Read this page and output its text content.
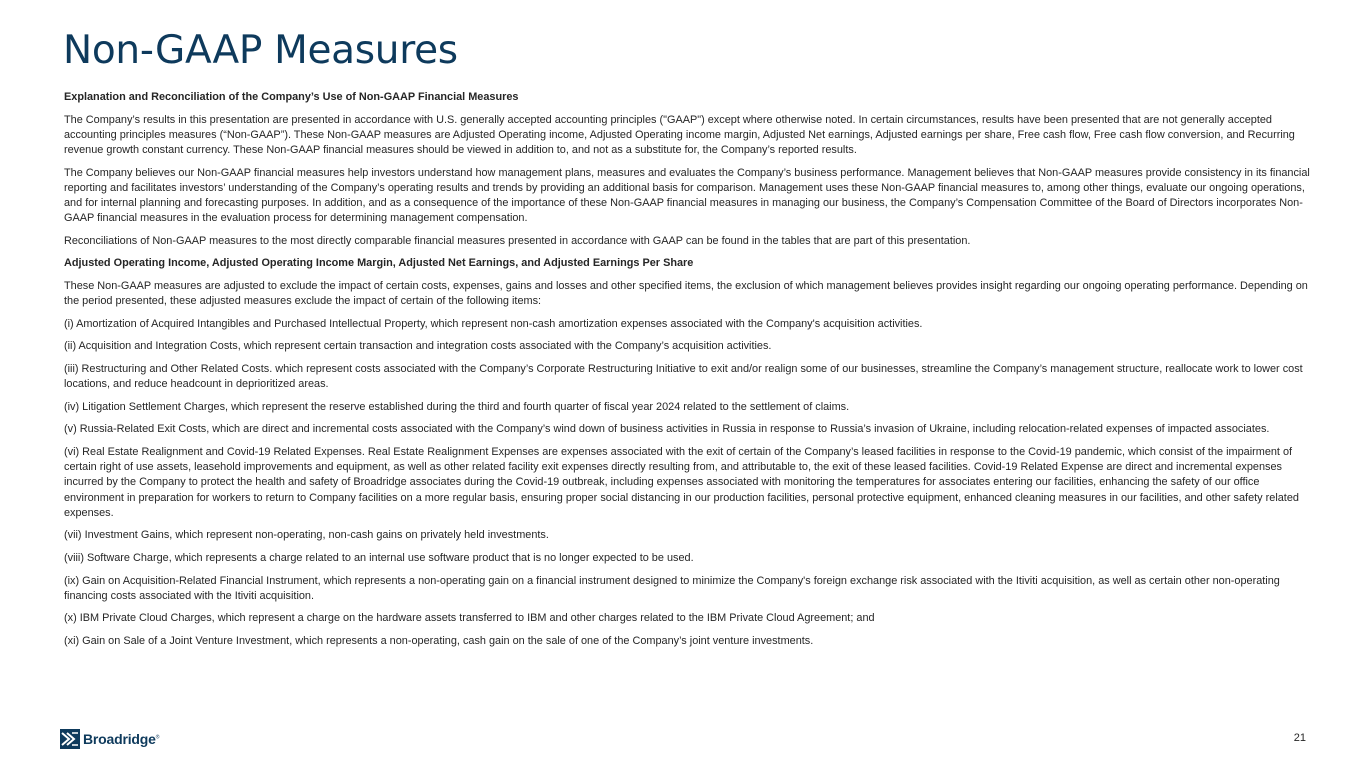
Non-GAAP Measures
Explanation and Reconciliation of the Company’s Use of Non-GAAP Financial Measures

The Company’s results in this presentation are presented in accordance with U.S. generally accepted accounting principles ("GAAP") except where otherwise noted. In certain circumstances, results have been presented that are not generally accepted accounting principles measures (“Non-GAAP”). These Non-GAAP measures are Adjusted Operating income, Adjusted Operating income margin, Adjusted Net earnings, Adjusted earnings per share, Free cash flow, Free cash flow conversion, and Recurring revenue growth constant currency. These Non-GAAP financial measures should be viewed in addition to, and not as a substitute for, the Company’s reported results.

The Company believes our Non-GAAP financial measures help investors understand how management plans, measures and evaluates the Company’s business performance. Management believes that Non-GAAP measures provide consistency in its financial reporting and facilitates investors’ understanding of the Company’s operating results and trends by providing an additional basis for comparison. Management uses these Non-GAAP financial measures to, among other things, evaluate our ongoing operations, and for internal planning and forecasting purposes. In addition, and as a consequence of the importance of these Non-GAAP financial measures in managing our business, the Company’s Compensation Committee of the Board of Directors incorporates Non-GAAP financial measures in the evaluation process for determining management compensation.

Reconciliations of Non-GAAP measures to the most directly comparable financial measures presented in accordance with GAAP can be found in the tables that are part of this presentation.

Adjusted Operating Income, Adjusted Operating Income Margin, Adjusted Net Earnings, and Adjusted Earnings Per Share

These Non-GAAP measures are adjusted to exclude the impact of certain costs, expenses, gains and losses and other specified items, the exclusion of which management believes provides insight regarding our ongoing operating performance. Depending on the period presented, these adjusted measures exclude the impact of certain of the following items:

(i) Amortization of Acquired Intangibles and Purchased Intellectual Property, which represent non-cash amortization expenses associated with the Company's acquisition activities.

(ii) Acquisition and Integration Costs, which represent certain transaction and integration costs associated with the Company’s acquisition activities.

(iii) Restructuring and Other Related Costs. which represent costs associated with the Company’s Corporate Restructuring Initiative to exit and/or realign some of our businesses, streamline the Company’s management structure, reallocate work to lower cost locations, and reduce headcount in deprioritized areas.

(iv) Litigation Settlement Charges, which represent the reserve established during the third and fourth quarter of fiscal year 2024 related to the settlement of claims.

(v) Russia-Related Exit Costs, which are direct and incremental costs associated with the Company’s wind down of business activities in Russia in response to Russia’s invasion of Ukraine, including relocation-related expenses of impacted associates.

(vi) Real Estate Realignment and Covid-19 Related Expenses. Real Estate Realignment Expenses are expenses associated with the exit of certain of the Company’s leased facilities in response to the Covid-19 pandemic, which consist of the impairment of certain right of use assets, leasehold improvements and equipment, as well as other related facility exit expenses directly resulting from, and attributable to, the exit of these leased facilities. Covid-19 Related Expense are direct and incremental expenses incurred by the Company to protect the health and safety of Broadridge associates during the Covid-19 outbreak, including expenses associated with monitoring the temperatures for associates entering our facilities, enhancing the safety of our office environment in preparation for workers to return to Company facilities on a more regular basis, ensuring proper social distancing in our production facilities, personal protective equipment, enhanced cleaning measures in our facilities, and other safety related expenses.

(vii) Investment Gains, which represent non-operating, non-cash gains on privately held investments.

(viii) Software Charge, which represents a charge related to an internal use software product that is no longer expected to be used.

(ix) Gain on Acquisition-Related Financial Instrument, which represents a non-operating gain on a financial instrument designed to minimize the Company's foreign exchange risk associated with the Itiviti acquisition, as well as certain other non-operating financing costs associated with the Itiviti acquisition.

(x) IBM Private Cloud Charges, which represent a charge on the hardware assets transferred to IBM and other charges related to the IBM Private Cloud Agreement; and

(xi) Gain on Sale of a Joint Venture Investment, which represents a non-operating, cash gain on the sale of one of the Company’s joint venture investments.

Broadridge®	21
